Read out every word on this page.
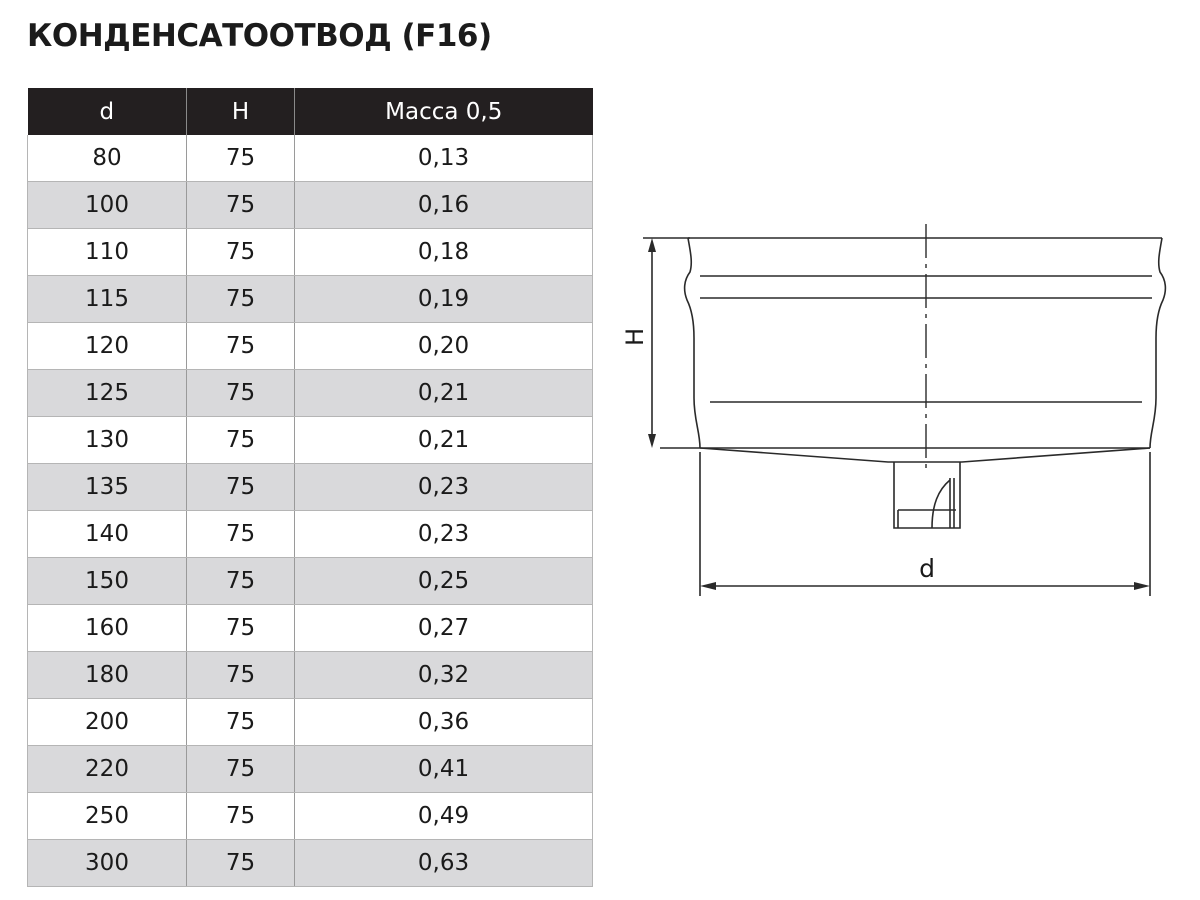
КОНДЕНСАТООТВОД (F16)
d	H	Масса 0,5
80	75	0,13
100	75	0,16
110	75	0,18
115	75	0,19
120	75	0,20
125	75	0,21
130	75	0,21
135	75	0,23
140	75	0,23
150	75	0,25
160	75	0,27
180	75	0,32
200	75	0,36
220	75	0,41
250	75	0,49
300	75	0,63
H
d
